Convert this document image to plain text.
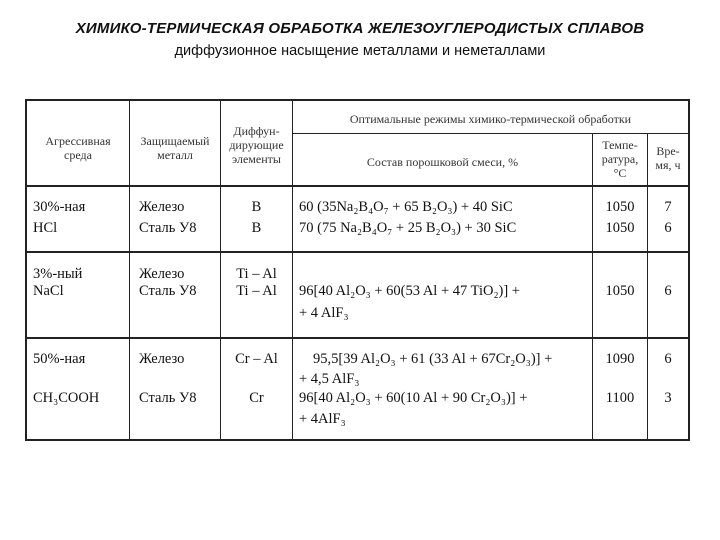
ХИМИКО-ТЕРМИЧЕСКАЯ ОБРАБОТКА ЖЕЛЕЗОУГЛЕРОДИСТЫХ СПЛАВОВ
диффузионное насыщение металлами и неметаллами
Агрессивная
среда
Защищаемый
металл
Диффун-
дирующие
элементы
Оптимальные режимы химико-термической обработки
Состав порошковой смеси, %
Темпе-
ратура,
°C
Вре-
мя, ч
30%-ная
HCl
Железо
Сталь У8
B
B
60 (35Na₂B₄O₇ + 65 B₂O₃) + 40 SiC
70 (75 Na₂B₄O₇ + 25 B₂O₃) + 30 SiC
1050
1050
7
6
3%-ный
NaCl
Железо
Сталь У8
Ti – Al
Ti – Al	96[40 Al₂O₃ + 60(53 Al + 47 TiO₂)] +
+ 4 AlF₃
1050	6
50%-ная
CH₃COOH
Железо
Сталь У8
Cr – Al
Cr
95,5[39 Al₂O₃ + 61 (33 Al + 67Cr₂O₃)] +
+ 4,5 AlF₃
96[40 Al₂O₃ + 60(10 Al + 90 Cr₂O₃)] +
+ 4AlF₃
1090
1100
6
3
